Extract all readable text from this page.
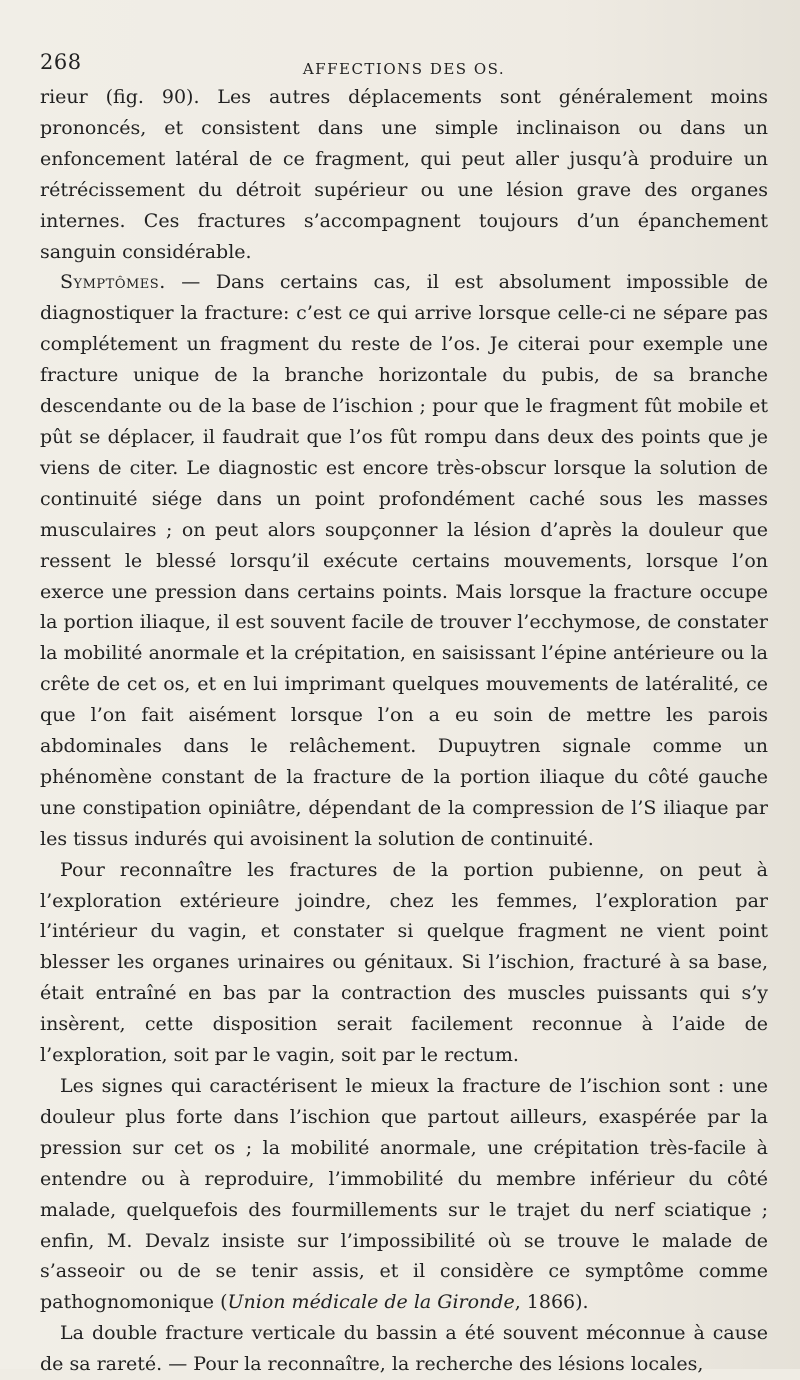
268	AFFECTIONS DES OS.

rieur (fig. 90). Les autres déplacements sont généralement moins prononcés, et consistent dans une simple inclinaison ou dans un enfoncement latéral de ce fragment, qui peut aller jusqu’à produire un rétrécissement du détroit supérieur ou une lésion grave des organes internes. Ces fractures s’accompagnent toujours d’un épanchement sanguin considérable.

Symptômes. — Dans certains cas, il est absolument impossible de diagnostiquer la fracture: c’est ce qui arrive lorsque celle-ci ne sépare pas complétement un fragment du reste de l’os. Je citerai pour exemple une fracture unique de la branche horizontale du pubis, de sa branche descendante ou de la base de l’ischion ; pour que le fragment fût mobile et pût se déplacer, il faudrait que l’os fût rompu dans deux des points que je viens de citer. Le diagnostic est encore très-obscur lorsque la solution de continuité siége dans un point profondément caché sous les masses musculaires ; on peut alors soupçonner la lésion d’après la douleur que ressent le blessé lorsqu’il exécute certains mouvements, lorsque l’on exerce une pression dans certains points. Mais lorsque la fracture occupe la portion iliaque, il est souvent facile de trouver l’ecchymose, de constater la mobilité anormale et la crépitation, en saisissant l’épine antérieure ou la crête de cet os, et en lui imprimant quelques mouvements de latéralité, ce que l’on fait aisément lorsque l’on a eu soin de mettre les parois abdominales dans le relâchement. Dupuytren signale comme un phénomène constant de la fracture de la portion iliaque du côté gauche une constipation opiniâtre, dépendant de la compression de l’S iliaque par les tissus indurés qui avoisinent la solution de continuité.

Pour reconnaître les fractures de la portion pubienne, on peut à l’exploration extérieure joindre, chez les femmes, l’exploration par l’intérieur du vagin, et constater si quelque fragment ne vient point blesser les organes urinaires ou génitaux. Si l’ischion, fracturé à sa base, était entraîné en bas par la contraction des muscles puissants qui s’y insèrent, cette disposition serait facilement reconnue à l’aide de l’exploration, soit par le vagin, soit par le rectum.

Les signes qui caractérisent le mieux la fracture de l’ischion sont : une douleur plus forte dans l’ischion que partout ailleurs, exaspérée par la pression sur cet os ; la mobilité anormale, une crépitation très-facile à entendre ou à reproduire, l’immobilité du membre inférieur du côté malade, quelquefois des fourmillements sur le trajet du nerf sciatique ; enfin, M. Devalz insiste sur l’impossibilité où se trouve le malade de s’asseoir ou de se tenir assis, et il considère ce symptôme comme pathognomonique (Union médicale de la Gironde, 1866).

La double fracture verticale du bassin a été souvent méconnue à cause de sa rareté. — Pour la reconnaître, la recherche des lésions locales,
